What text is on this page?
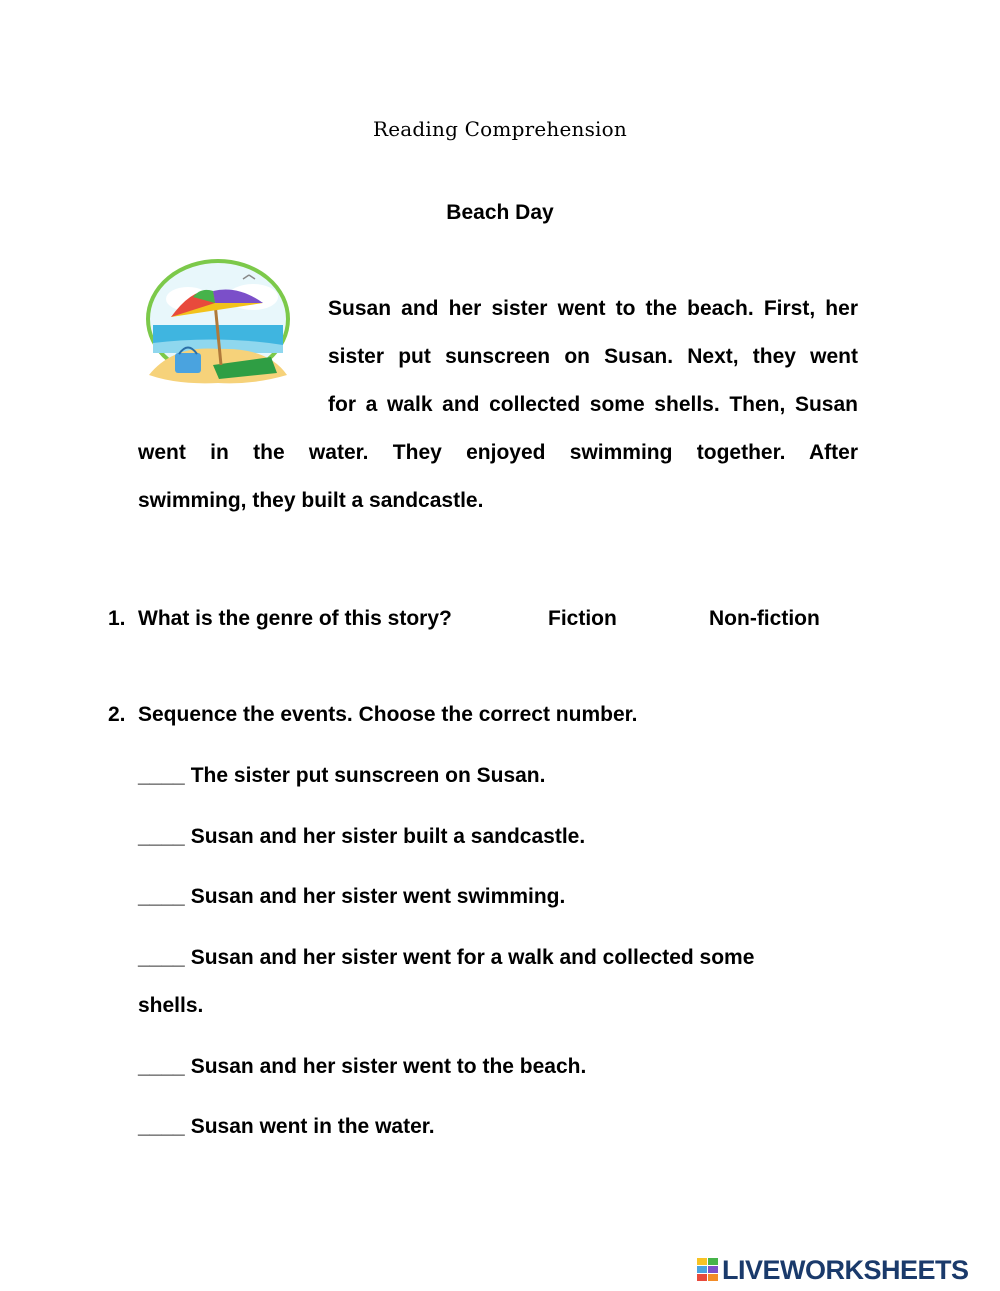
Reading Comprehension
Beach Day
Susan and her sister went to the beach. First, her
sister put sunscreen on Susan. Next, they went
for a walk and collected some shells. Then, Susan
went in the water. They enjoyed swimming together. After
swimming, they built a sandcastle.
1. What is the genre of this story?	Fiction	Non-fiction
2. Sequence the events. Choose the correct number.
____ The sister put sunscreen on Susan.
____ Susan and her sister built a sandcastle.
____ Susan and her sister went swimming.
____ Susan and her sister went for a walk and collected some
shells.
____ Susan and her sister went to the beach.
____ Susan went in the water.
LIVEWORKSHEETS
